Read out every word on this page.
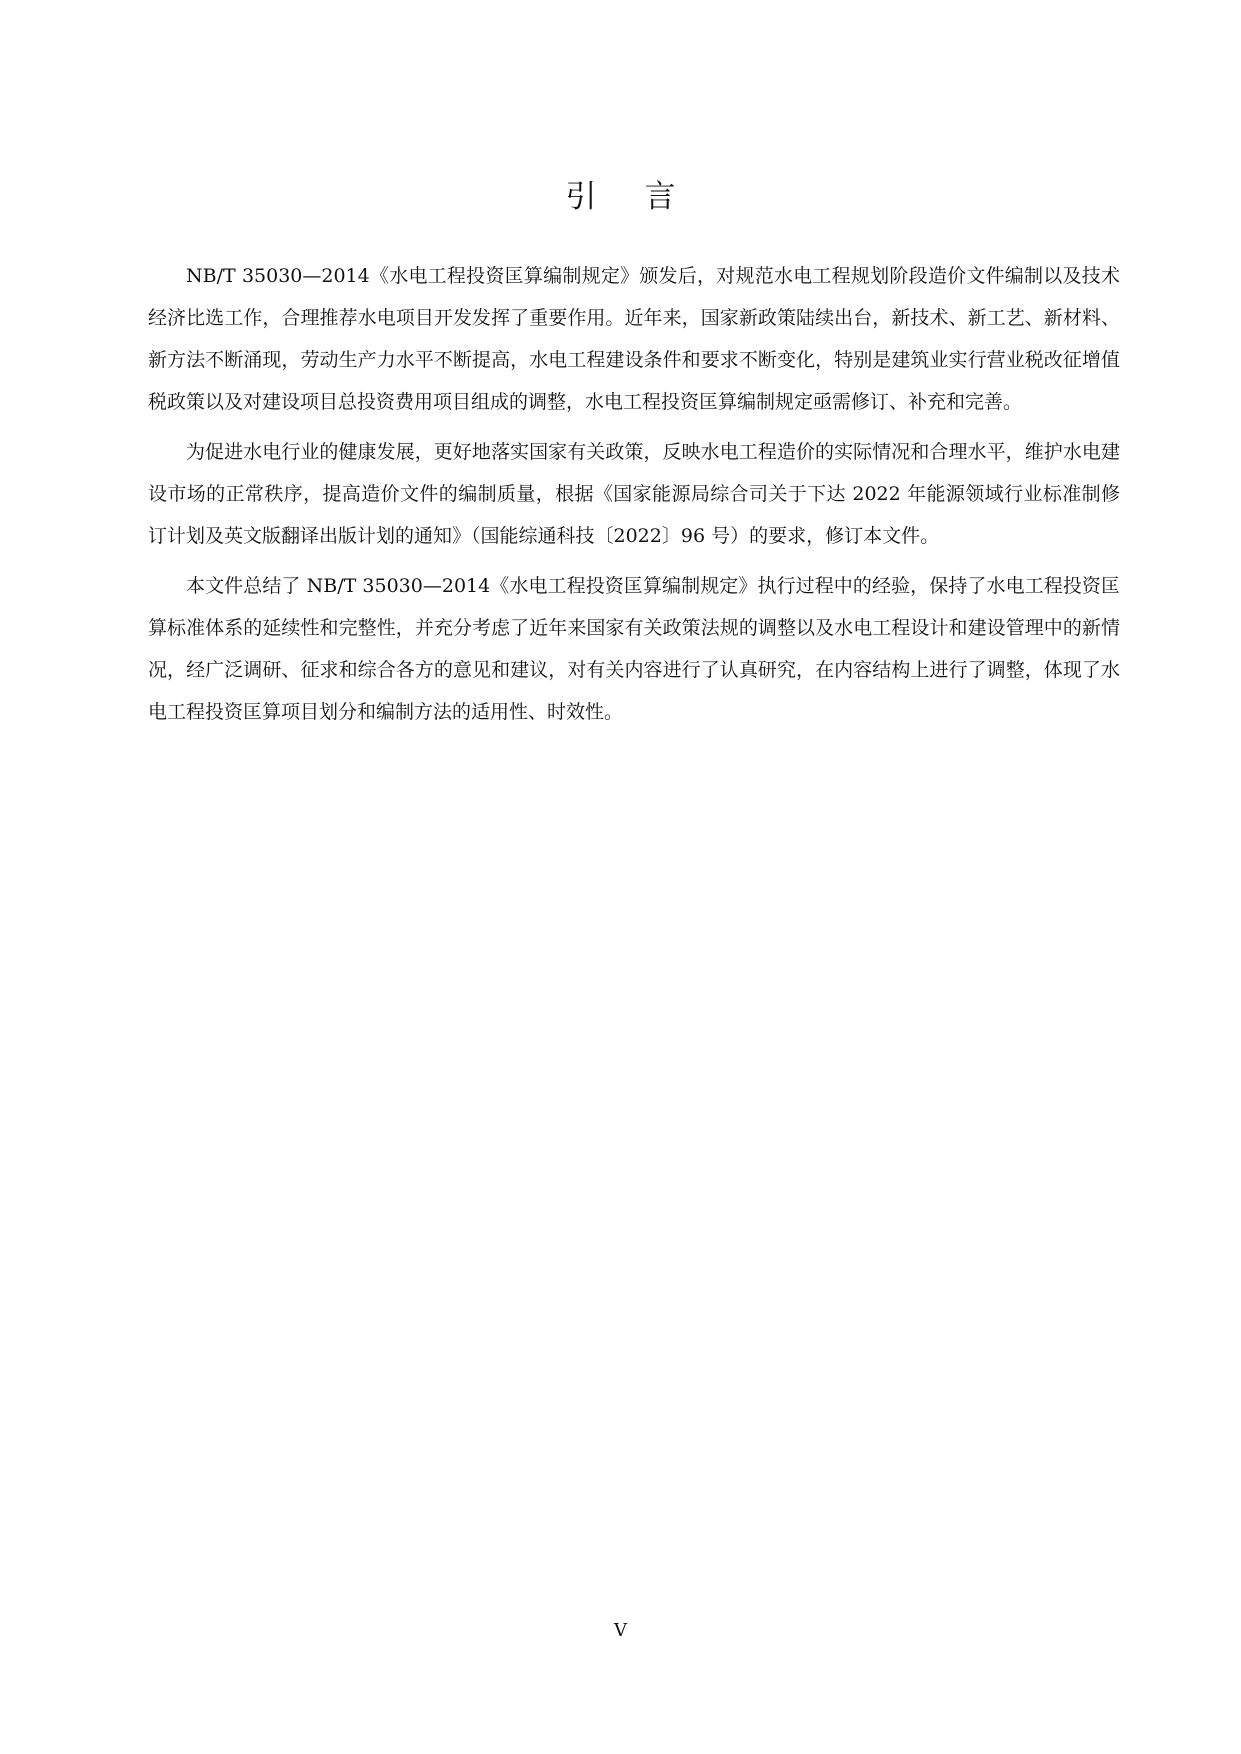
引言

NB/T 35030—2014《水电工程投资匡算编制规定》颁发后，对规范水电工程规划阶段造价文件编制以及技术经济比选工作，合理推荐水电项目开发发挥了重要作用。近年来，国家新政策陆续出台，新技术、新工艺、新材料、新方法不断涌现，劳动生产力水平不断提高，水电工程建设条件和要求不断变化，特别是建筑业实行营业税改征增值税政策以及对建设项目总投资费用项目组成的调整，水电工程投资匡算编制规定亟需修订、补充和完善。

为促进水电行业的健康发展，更好地落实国家有关政策，反映水电工程造价的实际情况和合理水平，维护水电建设市场的正常秩序，提高造价文件的编制质量，根据《国家能源局综合司关于下达 2022 年能源领域行业标准制修订计划及英文版翻译出版计划的通知》（国能综通科技〔2022〕96 号）的要求，修订本文件。

本文件总结了 NB/T 35030—2014《水电工程投资匡算编制规定》执行过程中的经验，保持了水电工程投资匡算标准体系的延续性和完整性，并充分考虑了近年来国家有关政策法规的调整以及水电工程设计和建设管理中的新情况，经广泛调研、征求和综合各方的意见和建议，对有关内容进行了认真研究，在内容结构上进行了调整，体现了水电工程投资匡算项目划分和编制方法的适用性、时效性。

V
